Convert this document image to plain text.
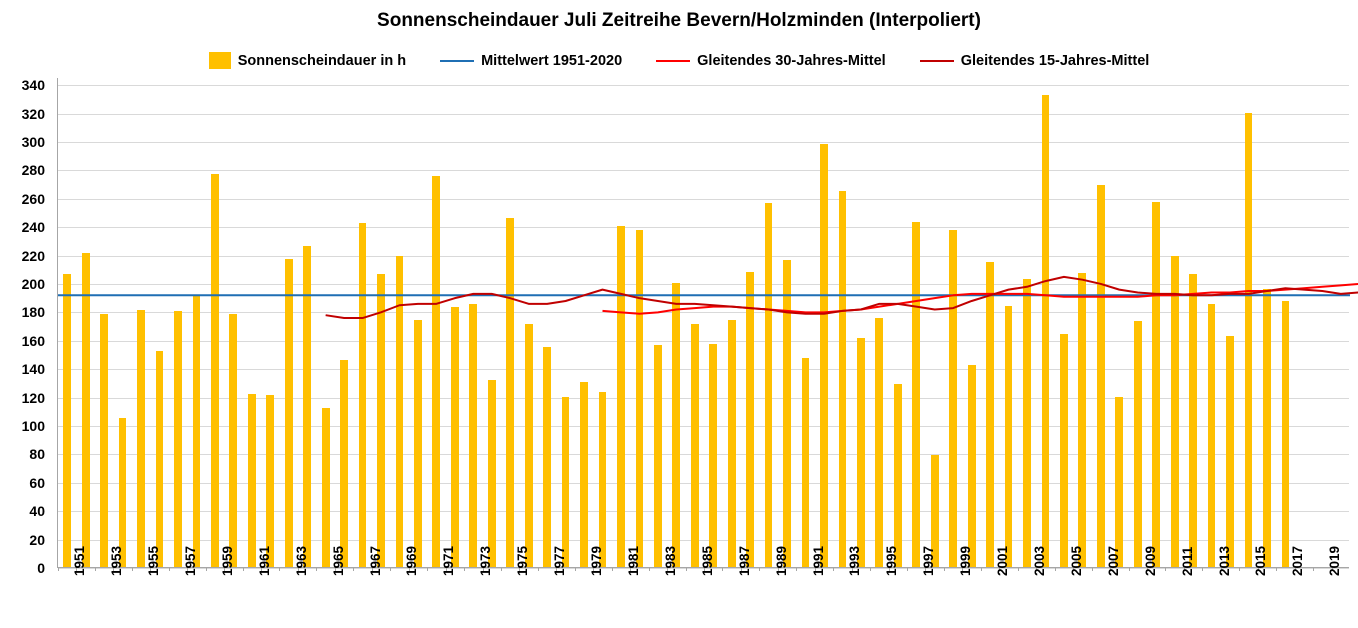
Sonnenscheindauer Juli Zeitreihe Bevern/Holzminden (Interpoliert)
Sonnenscheindauer in h	Mittelwert 1951-2020	Gleitendes 30-Jahres-Mittel	Gleitendes 15-Jahres-Mittel
0
20
40
60
80
100
120
140
160
180
200
220
240
260
280
300
320
340
1951 1953 1955 1957 1959 1961 1963 1965 1967 1969 1971 1973 1975 1977 1979 1981 1983 1985 1987 1989 1991 1993 1995 1997 1999 2001 2003 2005 2007 2009 2011 2013 2015 2017 2019
